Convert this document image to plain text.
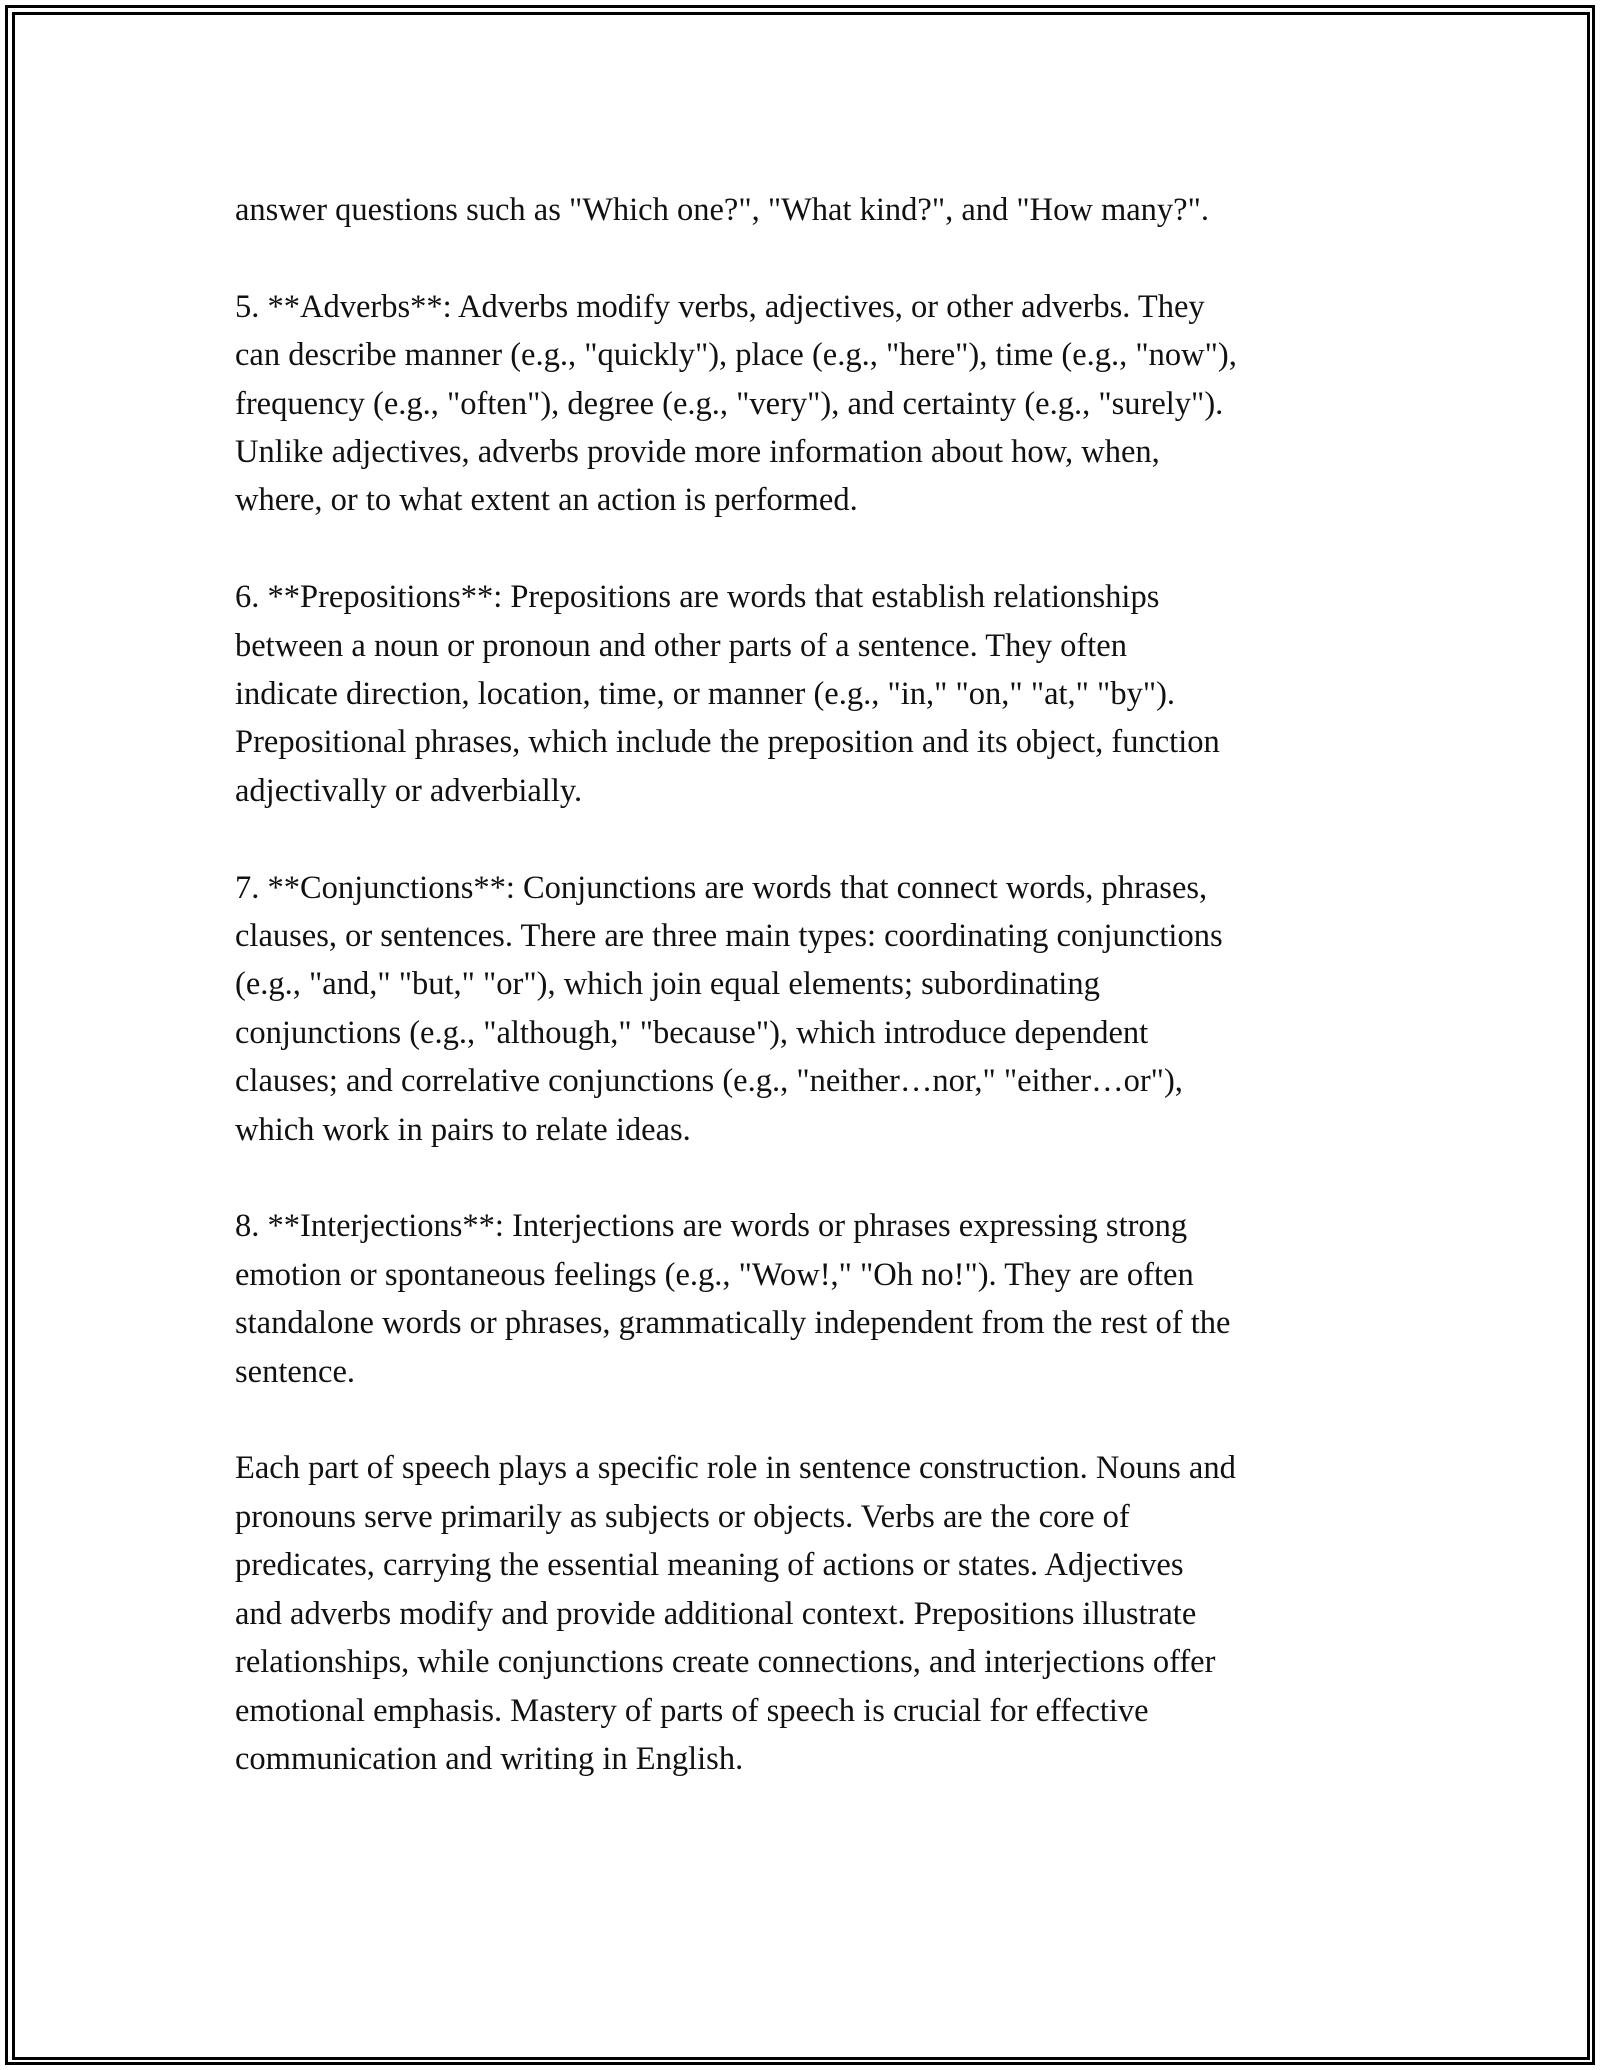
answer questions such as "Which one?", "What kind?", and "How many?".

5. **Adverbs**: Adverbs modify verbs, adjectives, or other adverbs. They
can describe manner (e.g., "quickly"), place (e.g., "here"), time (e.g., "now"),
frequency (e.g., "often"), degree (e.g., "very"), and certainty (e.g., "surely").
Unlike adjectives, adverbs provide more information about how, when,
where, or to what extent an action is performed.

6. **Prepositions**: Prepositions are words that establish relationships
between a noun or pronoun and other parts of a sentence. They often
indicate direction, location, time, or manner (e.g., "in," "on," "at," "by").
Prepositional phrases, which include the preposition and its object, function
adjectivally or adverbially.

7. **Conjunctions**: Conjunctions are words that connect words, phrases,
clauses, or sentences. There are three main types: coordinating conjunctions
(e.g., "and," "but," "or"), which join equal elements; subordinating
conjunctions (e.g., "although," "because"), which introduce dependent
clauses; and correlative conjunctions (e.g., "neither…nor," "either…or"),
which work in pairs to relate ideas.

8. **Interjections**: Interjections are words or phrases expressing strong
emotion or spontaneous feelings (e.g., "Wow!," "Oh no!"). They are often
standalone words or phrases, grammatically independent from the rest of the
sentence.

Each part of speech plays a specific role in sentence construction. Nouns and
pronouns serve primarily as subjects or objects. Verbs are the core of
predicates, carrying the essential meaning of actions or states. Adjectives
and adverbs modify and provide additional context. Prepositions illustrate
relationships, while conjunctions create connections, and interjections offer
emotional emphasis. Mastery of parts of speech is crucial for effective
communication and writing in English.
